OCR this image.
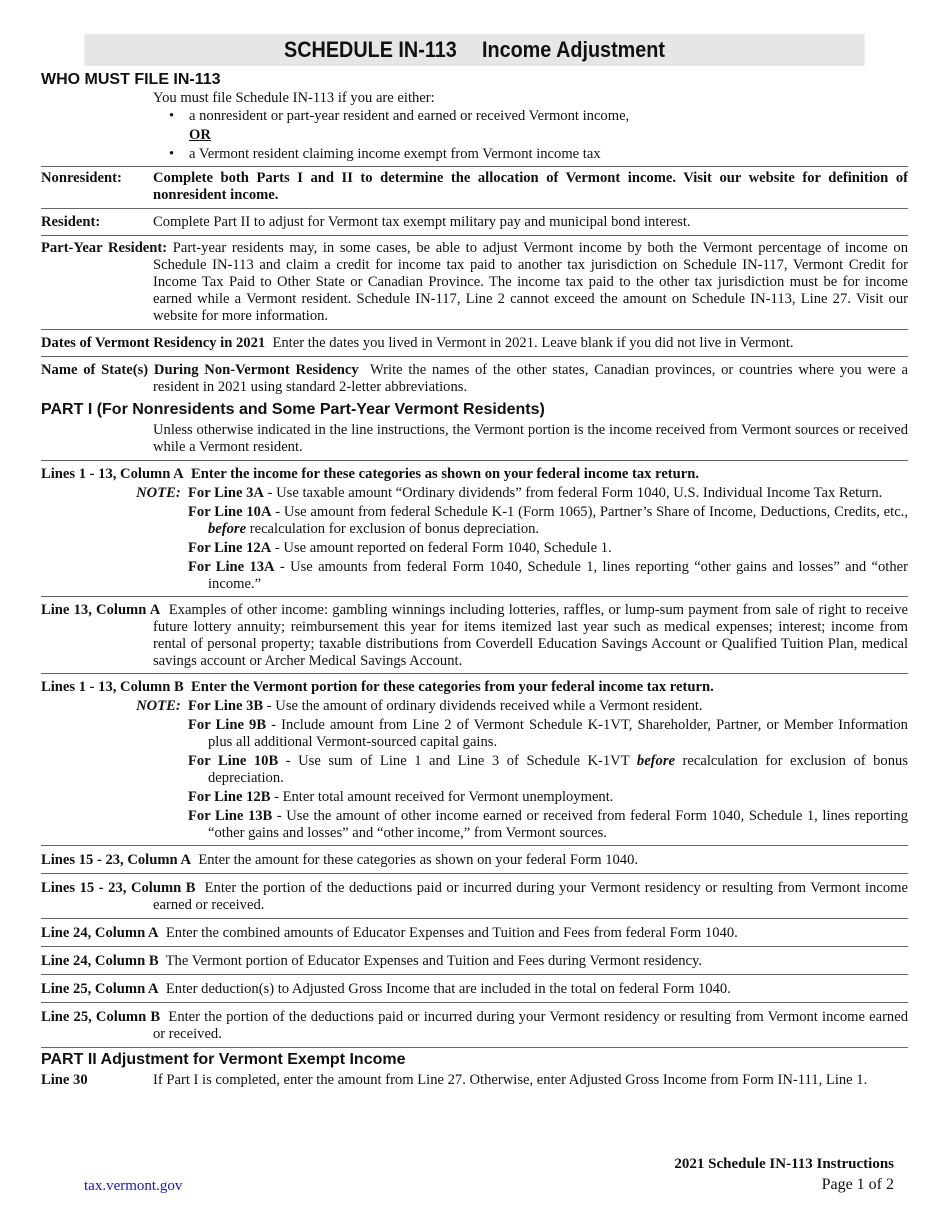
SCHEDULE IN-113 Income Adjustment
WHO MUST FILE IN-113
You must file Schedule IN-113 if you are either:
• a nonresident or part-year resident and earned or received Vermont income,
OR
• a Vermont resident claiming income exempt from Vermont income tax
Nonresident:	Complete both Parts I and II to determine the allocation of Vermont income. Visit our website for definition of nonresident income.
Resident:	Complete Part II to adjust for Vermont tax exempt military pay and municipal bond interest.
Part-Year Resident: Part-year residents may, in some cases, be able to adjust Vermont income by both the Vermont percentage of income on Schedule IN-113 and claim a credit for income tax paid to another tax jurisdiction on Schedule IN-117, Vermont Credit for Income Tax Paid to Other State or Canadian Province. The income tax paid to the other tax jurisdiction must be for income earned while a Vermont resident. Schedule IN-117, Line 2 cannot exceed the amount on Schedule IN-113, Line 27. Visit our website for more information.
Dates of Vermont Residency in 2021 Enter the dates you lived in Vermont in 2021. Leave blank if you did not live in Vermont.
Name of State(s) During Non-Vermont Residency Write the names of the other states, Canadian provinces, or countries where you were a resident in 2021 using standard 2-letter abbreviations.
PART I (For Nonresidents and Some Part-Year Vermont Residents)
Unless otherwise indicated in the line instructions, the Vermont portion is the income received from Vermont sources or received while a Vermont resident.
Lines 1 - 13, Column A Enter the income for these categories as shown on your federal income tax return.
NOTE: For Line 3A - Use taxable amount “Ordinary dividends” from federal Form 1040, U.S. Individual Income Tax Return.
For Line 10A - Use amount from federal Schedule K-1 (Form 1065), Partner’s Share of Income, Deductions, Credits, etc., before recalculation for exclusion of bonus depreciation.
For Line 12A - Use amount reported on federal Form 1040, Schedule 1.
For Line 13A - Use amounts from federal Form 1040, Schedule 1, lines reporting “other gains and losses” and “other income.”
Line 13, Column A Examples of other income: gambling winnings including lotteries, raffles, or lump-sum payment from sale of right to receive future lottery annuity; reimbursement this year for items itemized last year such as medical expenses; interest; income from rental of personal property; taxable distributions from Coverdell Education Savings Account or Qualified Tuition Plan, medical savings account or Archer Medical Savings Account.
Lines 1 - 13, Column B Enter the Vermont portion for these categories from your federal income tax return.
NOTE: For Line 3B - Use the amount of ordinary dividends received while a Vermont resident.
For Line 9B - Include amount from Line 2 of Vermont Schedule K-1VT, Shareholder, Partner, or Member Information plus all additional Vermont-sourced capital gains.
For Line 10B - Use sum of Line 1 and Line 3 of Schedule K-1VT before recalculation for exclusion of bonus depreciation.
For Line 12B - Enter total amount received for Vermont unemployment.
For Line 13B - Use the amount of other income earned or received from federal Form 1040, Schedule 1, lines reporting “other gains and losses” and “other income,” from Vermont sources.
Lines 15 - 23, Column A Enter the amount for these categories as shown on your federal Form 1040.
Lines 15 - 23, Column B Enter the portion of the deductions paid or incurred during your Vermont residency or resulting from Vermont income earned or received.
Line 24, Column A Enter the combined amounts of Educator Expenses and Tuition and Fees from federal Form 1040.
Line 24, Column B The Vermont portion of Educator Expenses and Tuition and Fees during Vermont residency.
Line 25, Column A Enter deduction(s) to Adjusted Gross Income that are included in the total on federal Form 1040.
Line 25, Column B Enter the portion of the deductions paid or incurred during your Vermont residency or resulting from Vermont income earned or received.
PART II Adjustment for Vermont Exempt Income
Line 30	If Part I is completed, enter the amount from Line 27. Otherwise, enter Adjusted Gross Income from Form IN-111, Line 1.
2021 Schedule IN-113 Instructions
Page 1 of 2
tax.vermont.gov
